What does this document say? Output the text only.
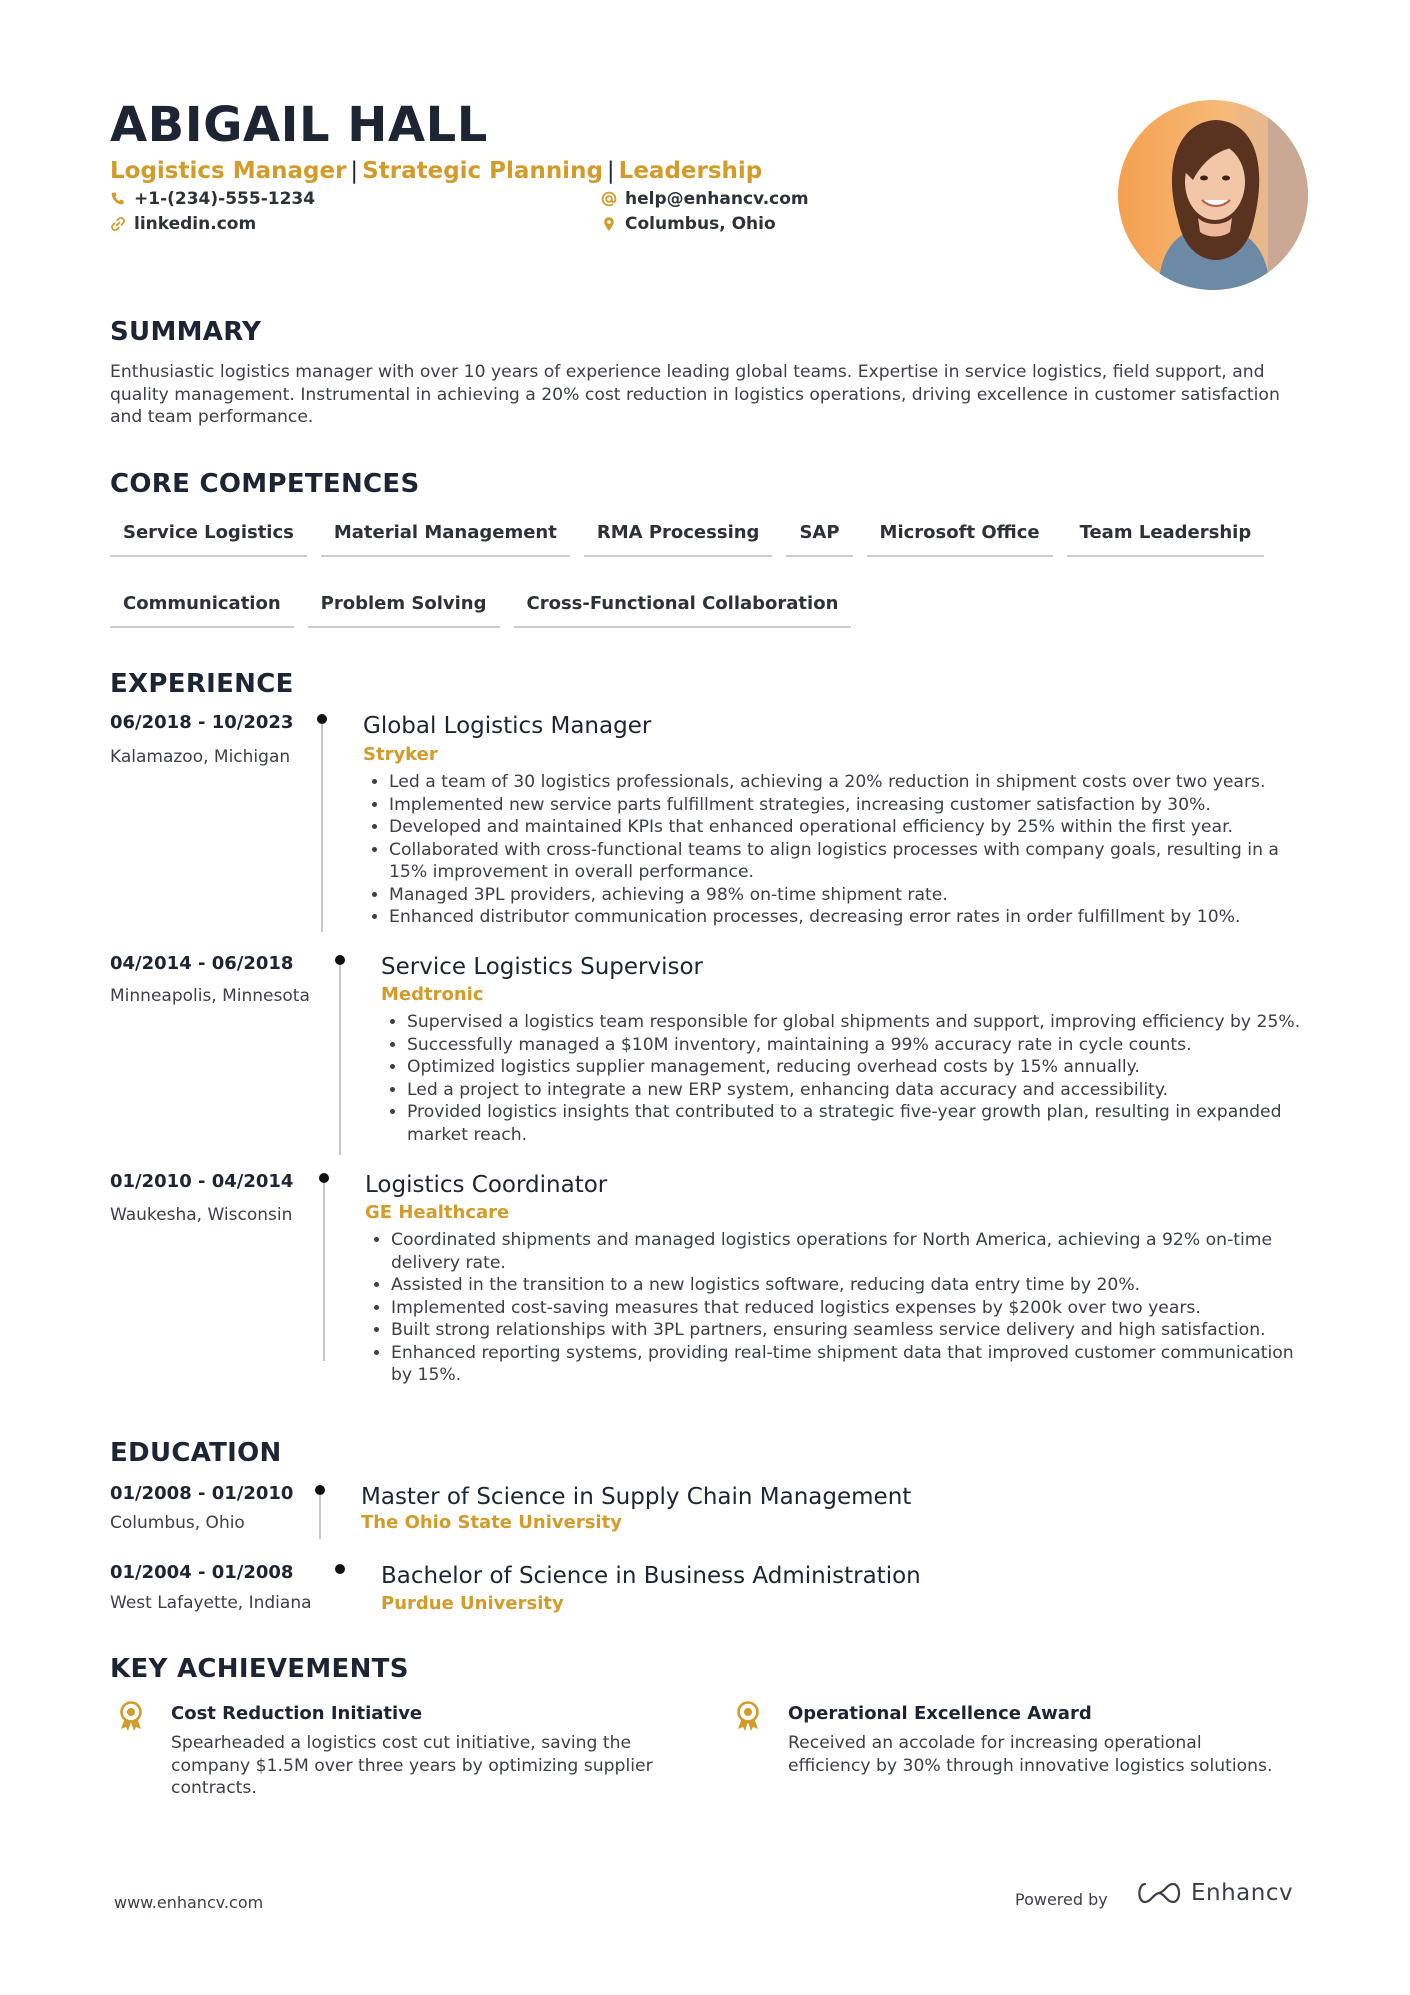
ABIGAIL HALL
Logistics Manager | Strategic Planning | Leadership
+1-(234)-555-1234	help@enhancv.com
linkedin.com	Columbus, Ohio
SUMMARY
Enthusiastic logistics manager with over 10 years of experience leading global teams. Expertise in service logistics, field support, and quality management. Instrumental in achieving a 20% cost reduction in logistics operations, driving excellence in customer satisfaction and team performance.
CORE COMPETENCES
Service Logistics	Material Management	RMA Processing	SAP	Microsoft Office	Team Leadership
Communication	Problem Solving	Cross-Functional Collaboration
EXPERIENCE
06/2018 - 10/2023
Kalamazoo, Michigan
Global Logistics Manager
Stryker
• Led a team of 30 logistics professionals, achieving a 20% reduction in shipment costs over two years.
• Implemented new service parts fulfillment strategies, increasing customer satisfaction by 30%.
• Developed and maintained KPIs that enhanced operational efficiency by 25% within the first year.
• Collaborated with cross-functional teams to align logistics processes with company goals, resulting in a 15% improvement in overall performance.
• Managed 3PL providers, achieving a 98% on-time shipment rate.
• Enhanced distributor communication processes, decreasing error rates in order fulfillment by 10%.
04/2014 - 06/2018
Minneapolis, Minnesota
Service Logistics Supervisor
Medtronic
• Supervised a logistics team responsible for global shipments and support, improving efficiency by 25%.
• Successfully managed a $10M inventory, maintaining a 99% accuracy rate in cycle counts.
• Optimized logistics supplier management, reducing overhead costs by 15% annually.
• Led a project to integrate a new ERP system, enhancing data accuracy and accessibility.
• Provided logistics insights that contributed to a strategic five-year growth plan, resulting in expanded market reach.
01/2010 - 04/2014
Waukesha, Wisconsin
Logistics Coordinator
GE Healthcare
• Coordinated shipments and managed logistics operations for North America, achieving a 92% on-time delivery rate.
• Assisted in the transition to a new logistics software, reducing data entry time by 20%.
• Implemented cost-saving measures that reduced logistics expenses by $200k over two years.
• Built strong relationships with 3PL partners, ensuring seamless service delivery and high satisfaction.
• Enhanced reporting systems, providing real-time shipment data that improved customer communication by 15%.
EDUCATION
01/2008 - 01/2010
Columbus, Ohio
Master of Science in Supply Chain Management
The Ohio State University
01/2004 - 01/2008
West Lafayette, Indiana
Bachelor of Science in Business Administration
Purdue University
KEY ACHIEVEMENTS
Cost Reduction Initiative
Spearheaded a logistics cost cut initiative, saving the company $1.5M over three years by optimizing supplier contracts.
Operational Excellence Award
Received an accolade for increasing operational efficiency by 30% through innovative logistics solutions.
www.enhancv.com	Powered by	Enhancv
